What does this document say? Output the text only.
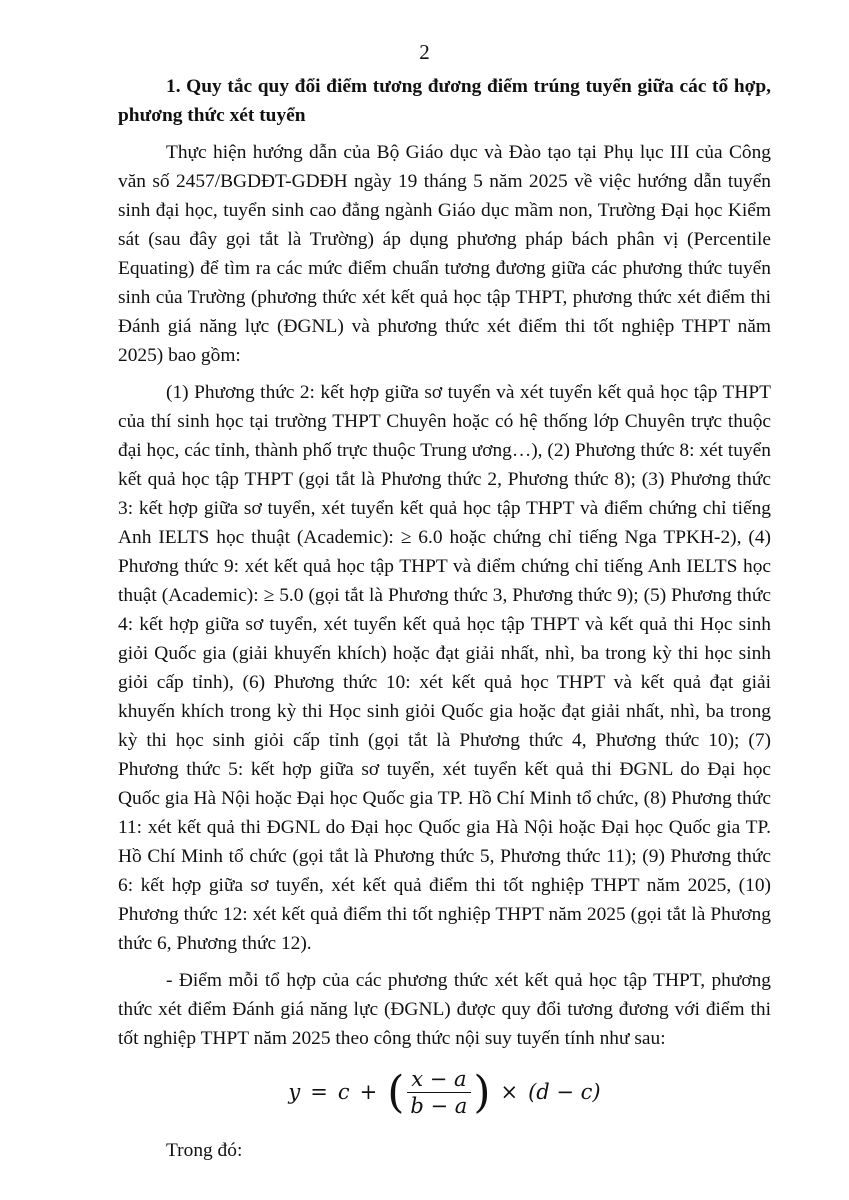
2

1. Quy tắc quy đổi điểm tương đương điểm trúng tuyển giữa các tổ hợp, phương thức xét tuyển

Thực hiện hướng dẫn của Bộ Giáo dục và Đào tạo tại Phụ lục III của Công văn số 2457/BGDĐT-GDĐH ngày 19 tháng 5 năm 2025 về việc hướng dẫn tuyển sinh đại học, tuyển sinh cao đẳng ngành Giáo dục mầm non, Trường Đại học Kiểm sát (sau đây gọi tắt là Trường) áp dụng phương pháp bách phân vị (Percentile Equating) để tìm ra các mức điểm chuẩn tương đương giữa các phương thức tuyển sinh của Trường (phương thức xét kết quả học tập THPT, phương thức xét điểm thi Đánh giá năng lực (ĐGNL) và phương thức xét điểm thi tốt nghiệp THPT năm 2025) bao gồm:

(1) Phương thức 2: kết hợp giữa sơ tuyển và xét tuyển kết quả học tập THPT của thí sinh học tại trường THPT Chuyên hoặc có hệ thống lớp Chuyên trực thuộc đại học, các tỉnh, thành phố trực thuộc Trung ương…), (2) Phương thức 8: xét tuyển kết quả học tập THPT (gọi tắt là Phương thức 2, Phương thức 8); (3) Phương thức 3: kết hợp giữa sơ tuyển, xét tuyển kết quả học tập THPT và điểm chứng chỉ tiếng Anh IELTS học thuật (Academic): ≥ 6.0 hoặc chứng chỉ tiếng Nga TPKH-2), (4) Phương thức 9: xét kết quả học tập THPT và điểm chứng chỉ tiếng Anh IELTS học thuật (Academic): ≥ 5.0 (gọi tắt là Phương thức 3, Phương thức 9); (5) Phương thức 4: kết hợp giữa sơ tuyển, xét tuyển kết quả học tập THPT và kết quả thi Học sinh giỏi Quốc gia (giải khuyến khích) hoặc đạt giải nhất, nhì, ba trong kỳ thi học sinh giỏi cấp tỉnh), (6) Phương thức 10: xét kết quả học THPT và kết quả đạt giải khuyến khích trong kỳ thi Học sinh giỏi Quốc gia hoặc đạt giải nhất, nhì, ba trong kỳ thi học sinh giỏi cấp tỉnh (gọi tắt là Phương thức 4, Phương thức 10); (7) Phương thức 5: kết hợp giữa sơ tuyển, xét tuyển kết quả thi ĐGNL do Đại học Quốc gia Hà Nội hoặc Đại học Quốc gia TP. Hồ Chí Minh tổ chức, (8) Phương thức 11: xét kết quả thi ĐGNL do Đại học Quốc gia Hà Nội hoặc Đại học Quốc gia TP. Hồ Chí Minh tổ chức (gọi tắt là Phương thức 5, Phương thức 11); (9) Phương thức 6: kết hợp giữa sơ tuyển, xét kết quả điểm thi tốt nghiệp THPT năm 2025, (10) Phương thức 12: xét kết quả điểm thi tốt nghiệp THPT năm 2025 (gọi tắt là Phương thức 6, Phương thức 12).

- Điểm mỗi tổ hợp của các phương thức xét kết quả học tập THPT, phương thức xét điểm Đánh giá năng lực (ĐGNL) được quy đổi tương đương với điểm thi tốt nghiệp THPT năm 2025 theo công thức nội suy tuyến tính như sau:

y = c + ( $\frac{x - a}{b - a}$ ) × (d − c)

Trong đó:
